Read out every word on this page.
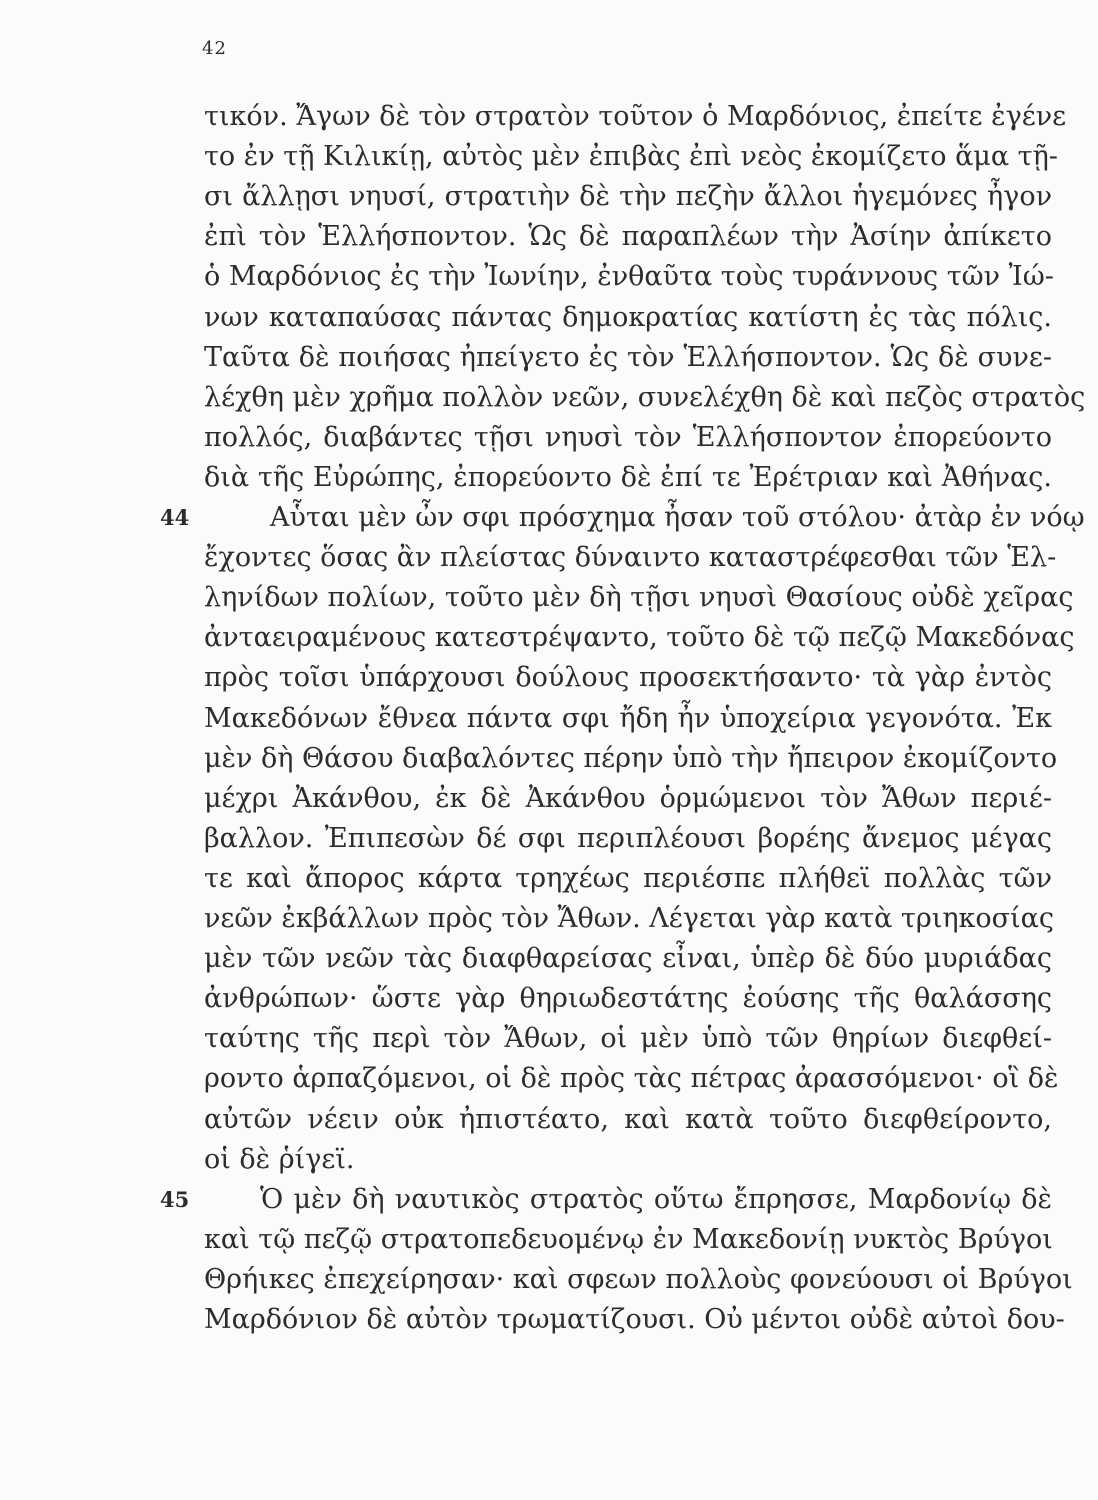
42
τικόν. Ἄγων δὲ τὸν στρατὸν τοῦτον ὁ Μαρδόνιος, ἐπείτε ἐγένε
το ἐν τῇ Κιλικίῃ, αὐτὸς μὲν ἐπιβὰς ἐπὶ νεὸς ἐκομίζετο ἅμα τῇ-
σι ἄλλῃσι νηυσί, στρατιὴν δὲ τὴν πεζὴν ἄλλοι ἡγεμόνες ἦγον
ἐπὶ τὸν Ἑλλήσποντον. Ὡς δὲ παραπλέων τὴν Ἀσίην ἀπίκετο
ὁ Μαρδόνιος ἐς τὴν Ἰωνίην, ἐνθαῦτα τοὺς τυράννους τῶν Ἰώ-
νων καταπαύσας πάντας δημοκρατίας κατίστη ἐς τὰς πόλις.
Ταῦτα δὲ ποιήσας ἠπείγετο ἐς τὸν Ἑλλήσποντον. Ὡς δὲ συνε-
λέχθη μὲν χρῆμα πολλὸν νεῶν, συνελέχθη δὲ καὶ πεζὸς στρατὸς
πολλός, διαβάντες τῇσι νηυσὶ τὸν Ἑλλήσποντον ἐπορεύοντο
διὰ τῆς Εὐρώπης, ἐπορεύοντο δὲ ἐπί τε Ἐρέτριαν καὶ Ἀθήνας.
Αὗται μὲν ὦν σφι πρόσχημα ἦσαν τοῦ στόλου· ἀτὰρ ἐν νόῳ
ἔχοντες ὅσας ἂν πλείστας δύναιντο καταστρέφεσθαι τῶν Ἑλ-
ληνίδων πολίων, τοῦτο μὲν δὴ τῇσι νηυσὶ Θασίους οὐδὲ χεῖρας
ἀνταειραμένους κατεστρέψαντο, τοῦτο δὲ τῷ πεζῷ Μακεδόνας
πρὸς τοῖσι ὑπάρχουσι δούλους προσεκτήσαντο· τὰ γὰρ ἐντὸς
Μακεδόνων ἔθνεα πάντα σφι ἤδη ἦν ὑποχείρια γεγονότα. Ἐκ
μὲν δὴ Θάσου διαβαλόντες πέρην ὑπὸ τὴν ἤπειρον ἐκομίζοντο
μέχρι Ἀκάνθου, ἐκ δὲ Ἀκάνθου ὁρμώμενοι τὸν Ἄθων περιέ-
βαλλον. Ἐπιπεσὼν δέ σφι περιπλέουσι βορέης ἄνεμος μέγας
τε καὶ ἄπορος κάρτα τρηχέως περιέσπε πλήθεϊ πολλὰς τῶν
νεῶν ἐκβάλλων πρὸς τὸν Ἄθων. Λέγεται γὰρ κατὰ τριηκοσίας
μὲν τῶν νεῶν τὰς διαφθαρείσας εἶναι, ὑπὲρ δὲ δύο μυριάδας
ἀνθρώπων· ὥστε γὰρ θηριωδεστάτης ἐούσης τῆς θαλάσσης
ταύτης τῆς περὶ τὸν Ἄθων, οἱ μὲν ὑπὸ τῶν θηρίων διεφθεί-
ροντο ἁρπαζόμενοι, οἱ δὲ πρὸς τὰς πέτρας ἀρασσόμενοι· οἳ δὲ
αὐτῶν νέειν οὐκ ἠπιστέατο, καὶ κατὰ τοῦτο διεφθείροντο,
οἱ δὲ ῥίγεϊ.
Ὁ μὲν δὴ ναυτικὸς στρατὸς οὕτω ἔπρησσε, Μαρδονίῳ δὲ
καὶ τῷ πεζῷ στρατοπεδευομένῳ ἐν Μακεδονίῃ νυκτὸς Βρύγοι
Θρήικες ἐπεχείρησαν· καὶ σφεων πολλοὺς φονεύουσι οἱ Βρύγοι
Μαρδόνιον δὲ αὐτὸν τρωματίζουσι. Οὐ μέντοι οὐδὲ αὐτοὶ δου-
44
45
